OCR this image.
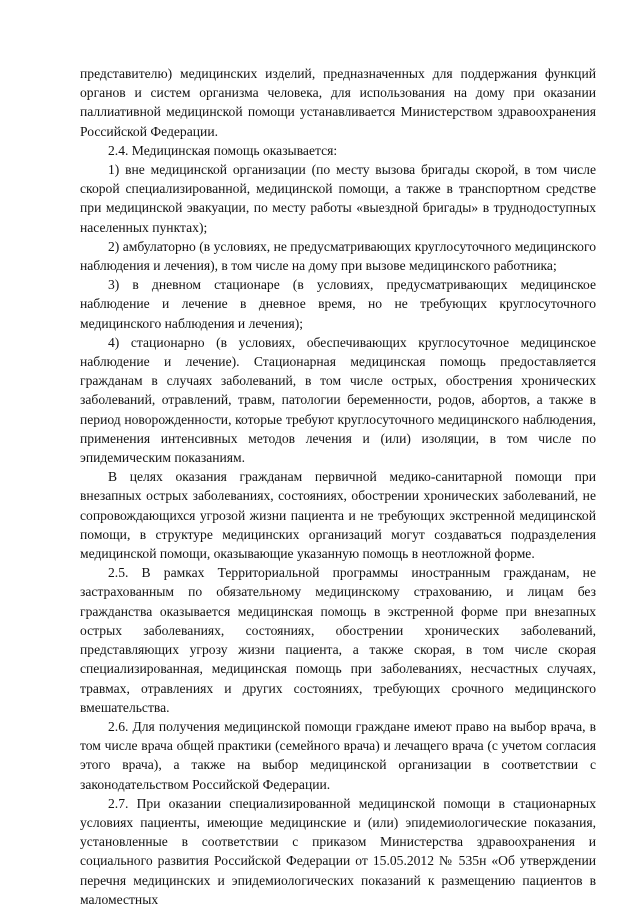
представителю) медицинских изделий, предназначенных для поддержания функций органов и систем организма человека, для использования на дому при оказании паллиативной медицинской помощи устанавливается Министерством здравоохранения Российской Федерации.

2.4. Медицинская помощь оказывается:

1) вне медицинской организации (по месту вызова бригады скорой, в том числе скорой специализированной, медицинской помощи, а также в транспортном средстве при медицинской эвакуации, по месту работы «выездной бригады» в труднодоступных населенных пунктах);

2) амбулаторно (в условиях, не предусматривающих круглосуточного медицинского наблюдения и лечения), в том числе на дому при вызове медицинского работника;

3) в дневном стационаре (в условиях, предусматривающих медицинское наблюдение и лечение в дневное время, но не требующих круглосуточного медицинского наблюдения и лечения);

4) стационарно (в условиях, обеспечивающих круглосуточное медицинское наблюдение и лечение). Стационарная медицинская помощь предоставляется гражданам в случаях заболеваний, в том числе острых, обострения хронических заболеваний, отравлений, травм, патологии беременности, родов, абортов, а также в период новорожденности, которые требуют круглосуточного медицинского наблюдения, применения интенсивных методов лечения и (или) изоляции, в том числе по эпидемическим показаниям.

В целях оказания гражданам первичной медико-санитарной помощи при внезапных острых заболеваниях, состояниях, обострении хронических заболеваний, не сопровождающихся угрозой жизни пациента и не требующих экстренной медицинской помощи, в структуре медицинских организаций могут создаваться подразделения медицинской помощи, оказывающие указанную помощь в неотложной форме.

2.5. В рамках Территориальной программы иностранным гражданам, не застрахованным по обязательному медицинскому страхованию, и лицам без гражданства оказывается медицинская помощь в экстренной форме при внезапных острых заболеваниях, состояниях, обострении хронических заболеваний, представляющих угрозу жизни пациента, а также скорая, в том числе скорая специализированная, медицинская помощь при заболеваниях, несчастных случаях, травмах, отравлениях и других состояниях, требующих срочного медицинского вмешательства.

2.6. Для получения медицинской помощи граждане имеют право на выбор врача, в том числе врача общей практики (семейного врача) и лечащего врача (с учетом согласия этого врача), а также на выбор медицинской организации в соответствии с законодательством Российской Федерации.

2.7. При оказании специализированной медицинской помощи в стационарных условиях пациенты, имеющие медицинские и (или) эпидемиологические показания, установленные в соответствии с приказом Министерства здравоохранения и социального развития Российской Федерации от 15.05.2012 № 535н «Об утверждении перечня медицинских и эпидемиологических показаний к размещению пациентов в маломестных
